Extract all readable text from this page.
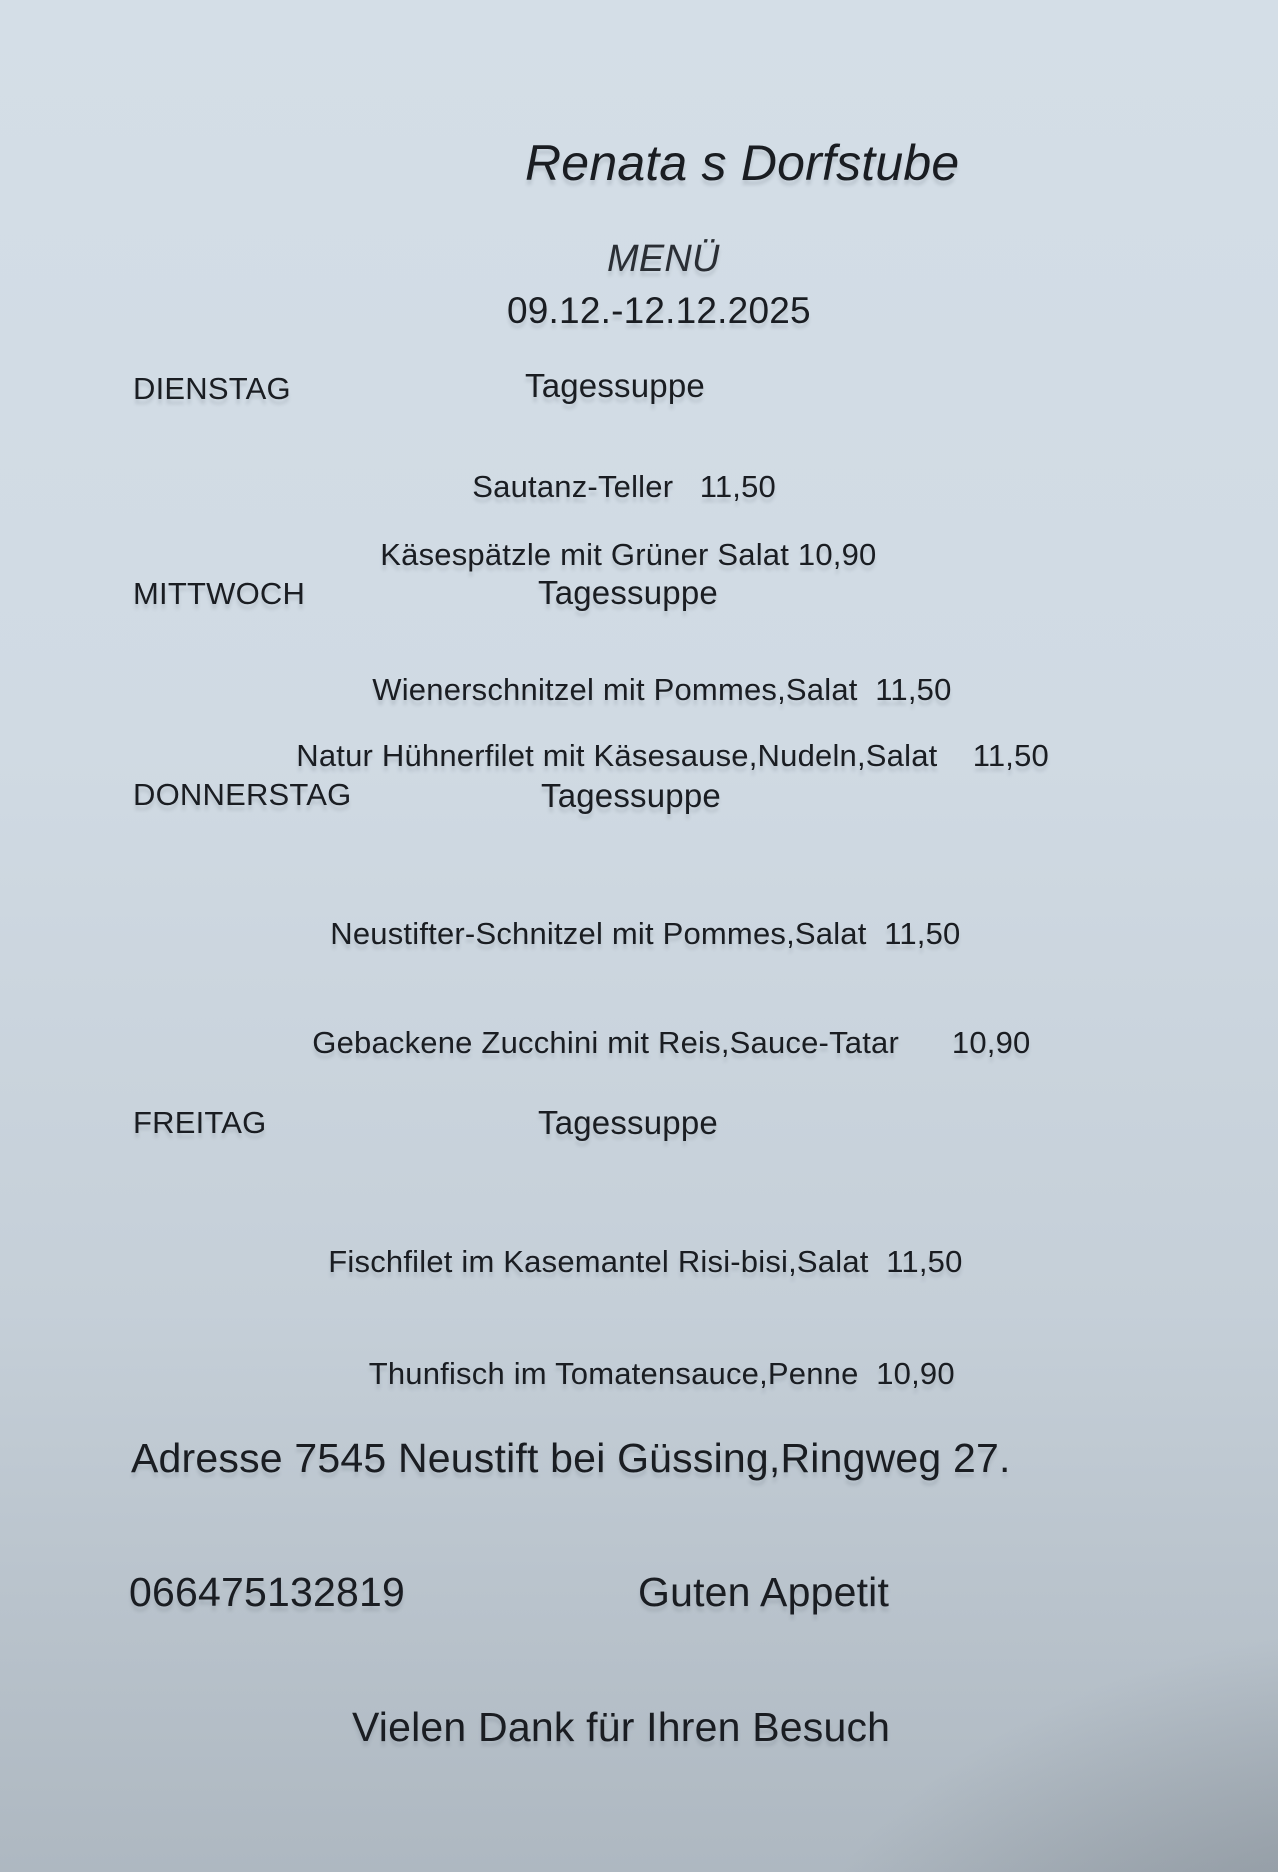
Renata s Dorfstube
MENÜ
09.12.-12.12.2025
DIENSTAG	Tagessuppe

Sautanz-Teller 11,50

Käsespätzle mit Grüner Salat 10,90

MITTWOCH	Tagessuppe

Wienerschnitzel mit Pommes,Salat 11,50

Natur Hühnerfilet mit Käsesause,Nudeln,Salat 11,50

DONNERSTAG	Tagessuppe

Neustifter-Schnitzel mit Pommes,Salat 11,50

Gebackene Zucchini mit Reis,Sauce-Tatar 10,90

FREITAG	Tagessuppe

Fischfilet im Kasemantel Risi-bisi,Salat 11,50

Thunfisch im Tomatensauce,Penne 10,90

Adresse 7545 Neustift bei Güssing,Ringweg 27.
066475132819	Guten Appetit
Vielen Dank für Ihren Besuch
